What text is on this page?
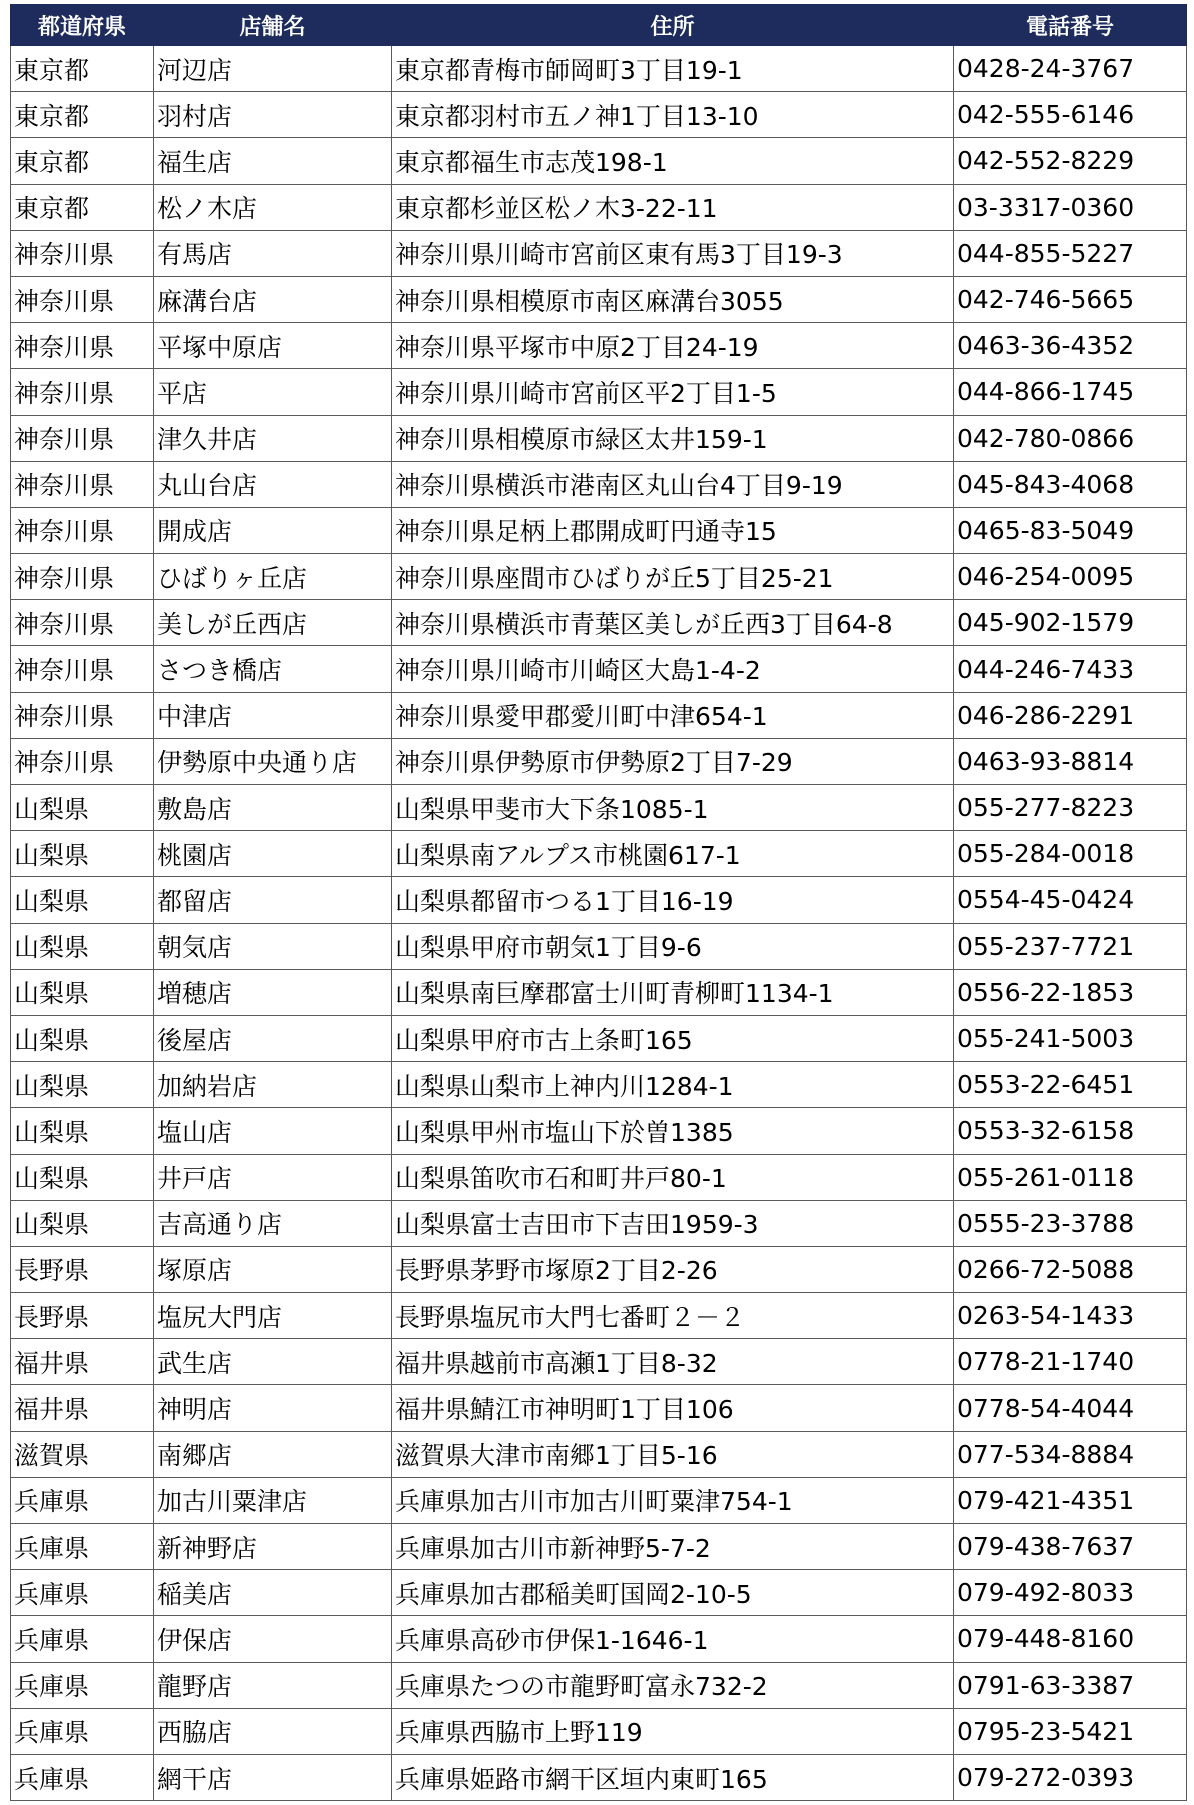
都道府県	店舗名	住所	電話番号
東京都	河辺店	東京都青梅市師岡町3丁目19-1	0428-24-3767
東京都	羽村店	東京都羽村市五ノ神1丁目13-10	042-555-6146
東京都	福生店	東京都福生市志茂198-1	042-552-8229
東京都	松ノ木店	東京都杉並区松ノ木3-22-11	03-3317-0360
神奈川県	有馬店	神奈川県川崎市宮前区東有馬3丁目19-3	044-855-5227
神奈川県	麻溝台店	神奈川県相模原市南区麻溝台3055	042-746-5665
神奈川県	平塚中原店	神奈川県平塚市中原2丁目24-19	0463-36-4352
神奈川県	平店	神奈川県川崎市宮前区平2丁目1-5	044-866-1745
神奈川県	津久井店	神奈川県相模原市緑区太井159-1	042-780-0866
神奈川県	丸山台店	神奈川県横浜市港南区丸山台4丁目9-19	045-843-4068
神奈川県	開成店	神奈川県足柄上郡開成町円通寺15	0465-83-5049
神奈川県	ひばりヶ丘店	神奈川県座間市ひばりが丘5丁目25-21	046-254-0095
神奈川県	美しが丘西店	神奈川県横浜市青葉区美しが丘西3丁目64-8	045-902-1579
神奈川県	さつき橋店	神奈川県川崎市川崎区大島1-4-2	044-246-7433
神奈川県	中津店	神奈川県愛甲郡愛川町中津654-1	046-286-2291
神奈川県	伊勢原中央通り店	神奈川県伊勢原市伊勢原2丁目7-29	0463-93-8814
山梨県	敷島店	山梨県甲斐市大下条1085-1	055-277-8223
山梨県	桃園店	山梨県南アルプス市桃園617-1	055-284-0018
山梨県	都留店	山梨県都留市つる1丁目16-19	0554-45-0424
山梨県	朝気店	山梨県甲府市朝気1丁目9-6	055-237-7721
山梨県	増穂店	山梨県南巨摩郡富士川町青柳町1134-1	0556-22-1853
山梨県	後屋店	山梨県甲府市古上条町165	055-241-5003
山梨県	加納岩店	山梨県山梨市上神内川1284-1	0553-22-6451
山梨県	塩山店	山梨県甲州市塩山下於曽1385	0553-32-6158
山梨県	井戸店	山梨県笛吹市石和町井戸80-1	055-261-0118
山梨県	吉高通り店	山梨県富士吉田市下吉田1959-3	0555-23-3788
長野県	塚原店	長野県茅野市塚原2丁目2-26	0266-72-5088
長野県	塩尻大門店	長野県塩尻市大門七番町２－２	0263-54-1433
福井県	武生店	福井県越前市高瀬1丁目8-32	0778-21-1740
福井県	神明店	福井県鯖江市神明町1丁目106	0778-54-4044
滋賀県	南郷店	滋賀県大津市南郷1丁目5-16	077-534-8884
兵庫県	加古川粟津店	兵庫県加古川市加古川町粟津754-1	079-421-4351
兵庫県	新神野店	兵庫県加古川市新神野5-7-2	079-438-7637
兵庫県	稲美店	兵庫県加古郡稲美町国岡2-10-5	079-492-8033
兵庫県	伊保店	兵庫県高砂市伊保1-1646-1	079-448-8160
兵庫県	龍野店	兵庫県たつの市龍野町富永732-2	0791-63-3387
兵庫県	西脇店	兵庫県西脇市上野119	0795-23-5421
兵庫県	網干店	兵庫県姫路市網干区垣内東町165	079-272-0393
